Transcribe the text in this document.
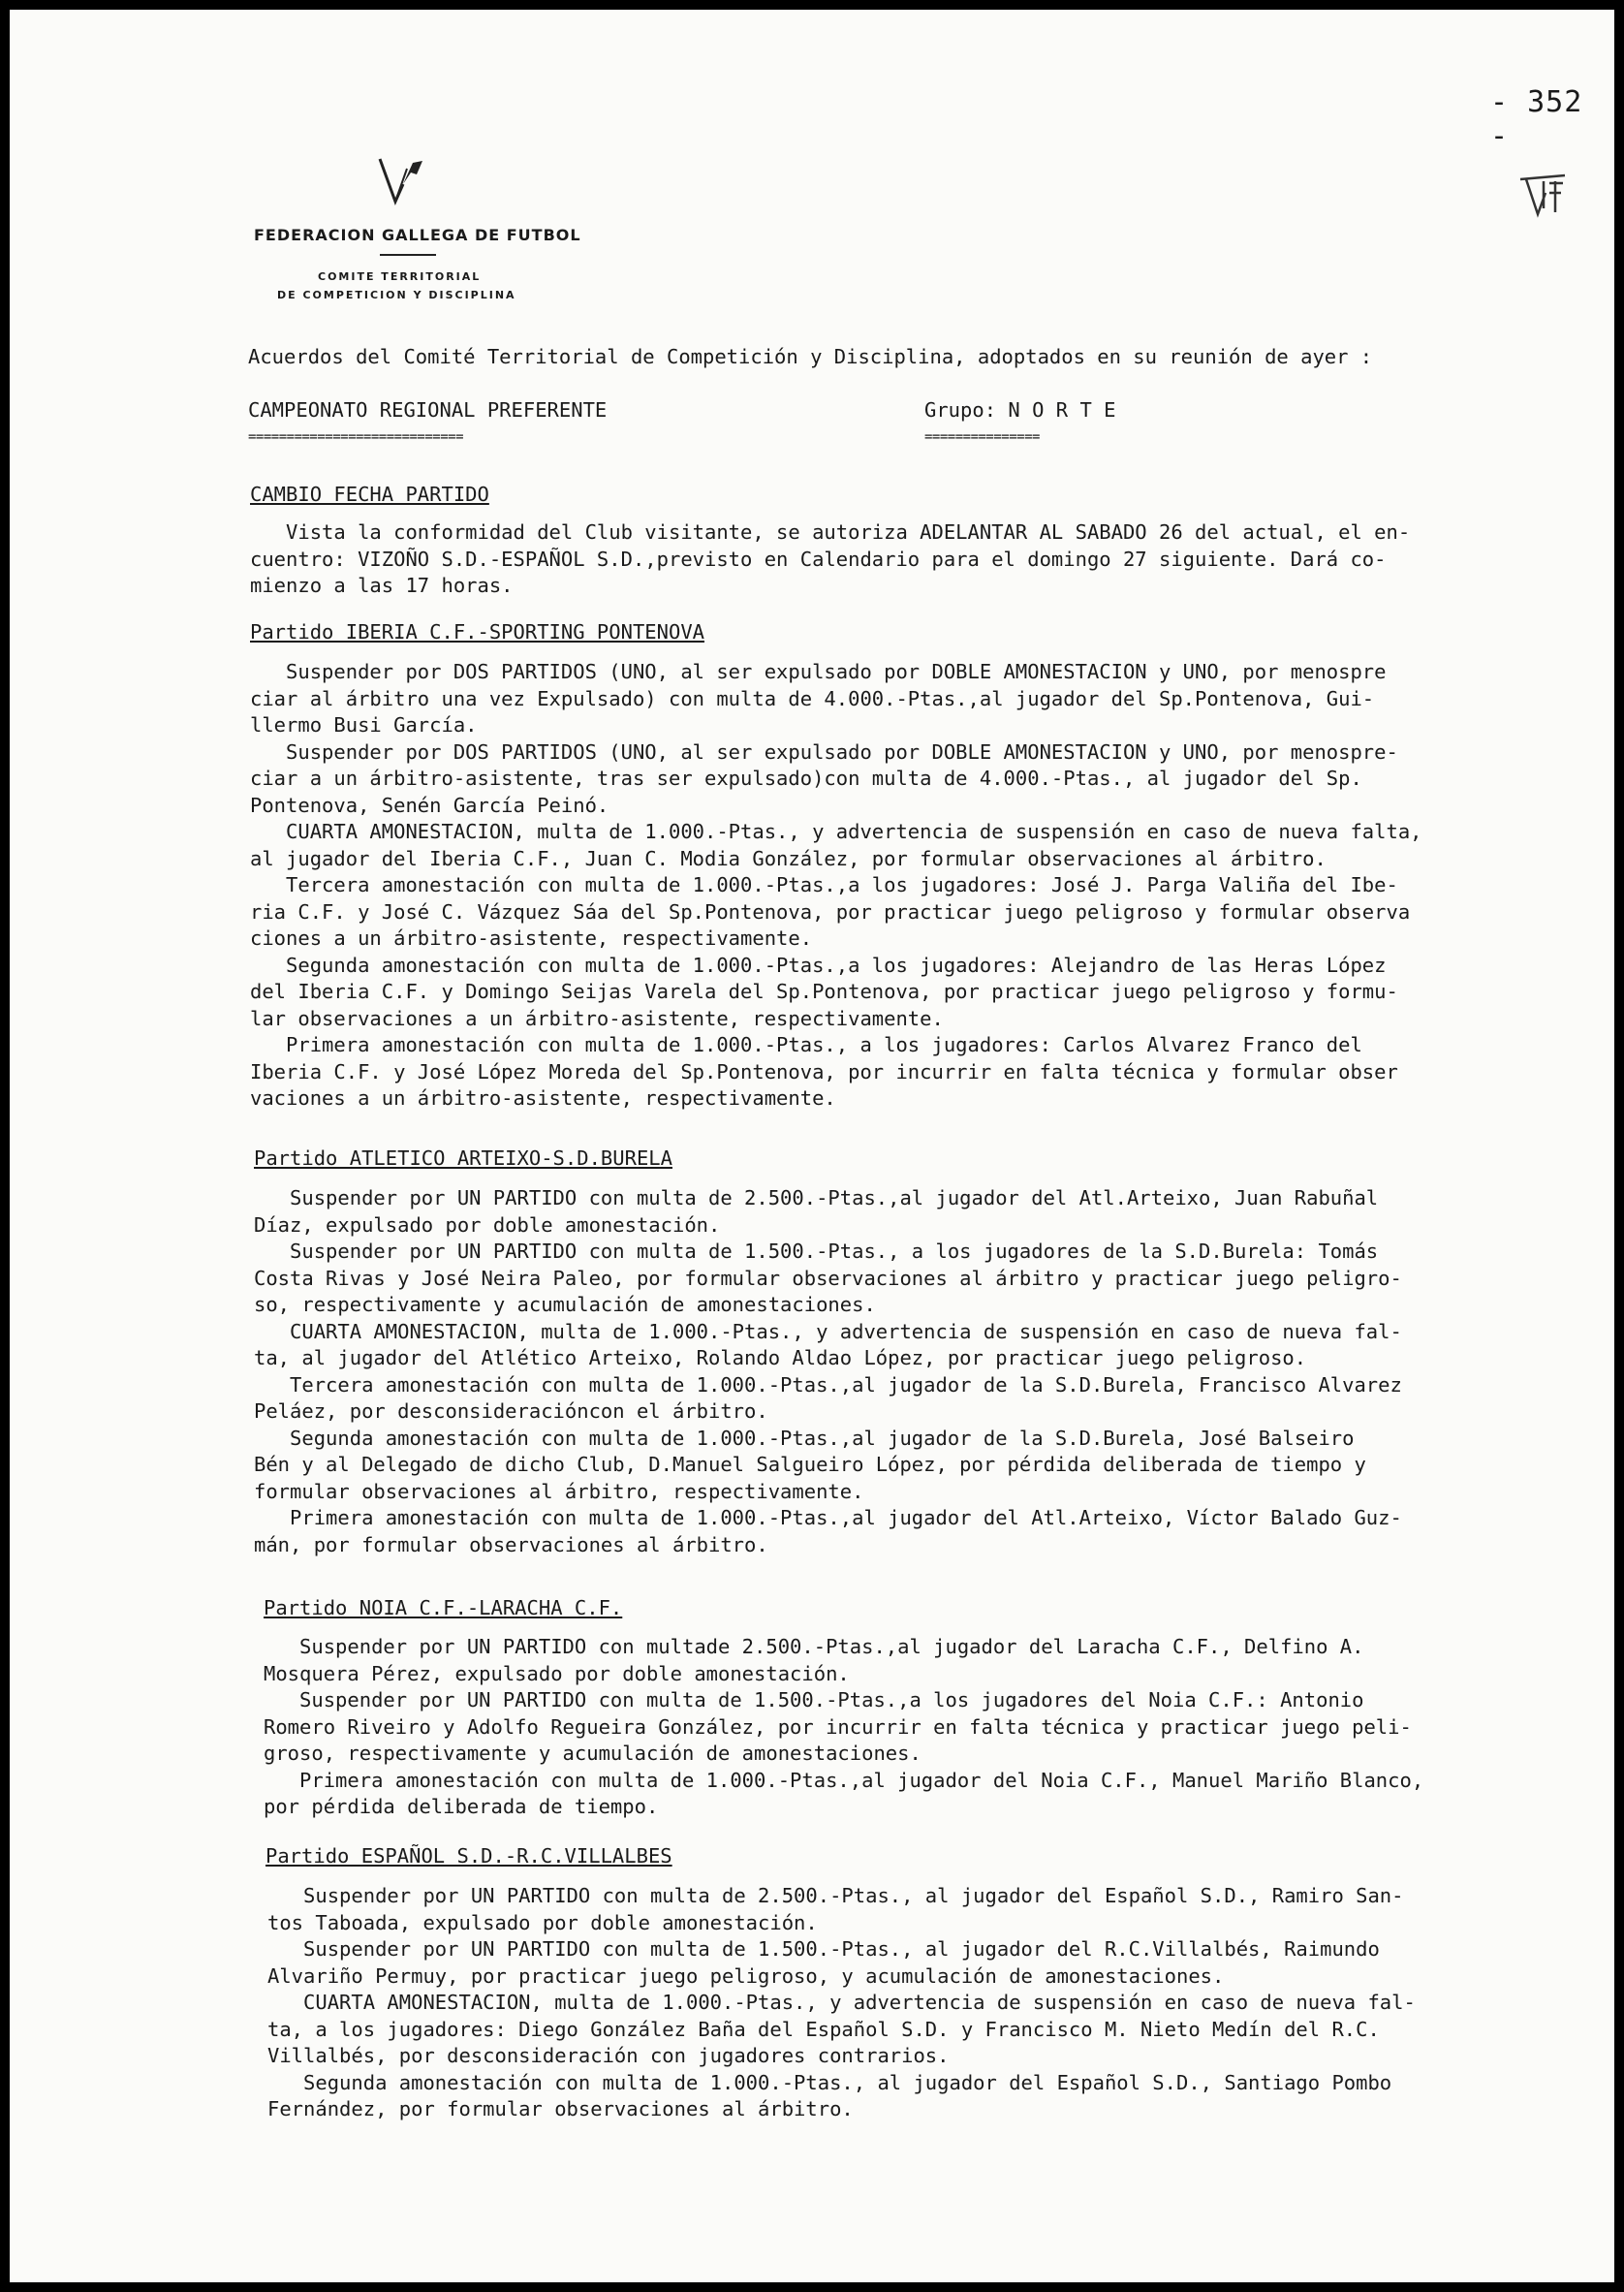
- 352 -
FEDERACION GALLEGA DE FUTBOL
COMITE TERRITORIAL
DE COMPETICION Y DISCIPLINA
Acuerdos del Comité Territorial de Competición y Disciplina, adoptados en su reunión de ayer :
CAMPEONATO REGIONAL PREFERENTE
============================
Grupo: N O R T E
===============
CAMBIO FECHA PARTIDO
Vista la conformidad del Club visitante, se autoriza ADELANTAR AL SABADO 26 del actual, el en-
cuentro: VIZOÑO S.D.-ESPAÑOL S.D.,previsto en Calendario para el domingo 27 siguiente. Dará co-
mienzo a las 17 horas.
Partido IBERIA C.F.-SPORTING PONTENOVA
Suspender por DOS PARTIDOS (UNO, al ser expulsado por DOBLE AMONESTACION y UNO, por menospre
ciar al árbitro una vez Expulsado) con multa de 4.000.-Ptas.,al jugador del Sp.Pontenova, Gui-
llermo Busi García.
Suspender por DOS PARTIDOS (UNO, al ser expulsado por DOBLE AMONESTACION y UNO, por menospre-
ciar a un árbitro-asistente, tras ser expulsado)con multa de 4.000.-Ptas., al jugador del Sp.
Pontenova, Senén García Peinó.
CUARTA AMONESTACION, multa de 1.000.-Ptas., y advertencia de suspensión en caso de nueva falta,
al jugador del Iberia C.F., Juan C. Modia González, por formular observaciones al árbitro.
Tercera amonestación con multa de 1.000.-Ptas.,a los jugadores: José J. Parga Valiña del Ibe-
ria C.F. y José C. Vázquez Sáa del Sp.Pontenova, por practicar juego peligroso y formular observa
ciones a un árbitro-asistente, respectivamente.
Segunda amonestación con multa de 1.000.-Ptas.,a los jugadores: Alejandro de las Heras López
del Iberia C.F. y Domingo Seijas Varela del Sp.Pontenova, por practicar juego peligroso y formu-
lar observaciones a un árbitro-asistente, respectivamente.
Primera amonestación con multa de 1.000.-Ptas., a los jugadores: Carlos Alvarez Franco del
Iberia C.F. y José López Moreda del Sp.Pontenova, por incurrir en falta técnica y formular obser
vaciones a un árbitro-asistente, respectivamente.
Partido ATLETICO ARTEIXO-S.D.BURELA
Suspender por UN PARTIDO con multa de 2.500.-Ptas.,al jugador del Atl.Arteixo, Juan Rabuñal
Díaz, expulsado por doble amonestación.
Suspender por UN PARTIDO con multa de 1.500.-Ptas., a los jugadores de la S.D.Burela: Tomás
Costa Rivas y José Neira Paleo, por formular observaciones al árbitro y practicar juego peligro-
so, respectivamente y acumulación de amonestaciones.
CUARTA AMONESTACION, multa de 1.000.-Ptas., y advertencia de suspensión en caso de nueva fal-
ta, al jugador del Atlético Arteixo, Rolando Aldao López, por practicar juego peligroso.
Tercera amonestación con multa de 1.000.-Ptas.,al jugador de la S.D.Burela, Francisco Alvarez
Peláez, por desconsideracióncon el árbitro.
Segunda amonestación con multa de 1.000.-Ptas.,al jugador de la S.D.Burela, José Balseiro
Bén y al Delegado de dicho Club, D.Manuel Salgueiro López, por pérdida deliberada de tiempo y
formular observaciones al árbitro, respectivamente.
Primera amonestación con multa de 1.000.-Ptas.,al jugador del Atl.Arteixo, Víctor Balado Guz-
mán, por formular observaciones al árbitro.
Partido NOIA C.F.-LARACHA C.F.
Suspender por UN PARTIDO con multade 2.500.-Ptas.,al jugador del Laracha C.F., Delfino A.
Mosquera Pérez, expulsado por doble amonestación.
Suspender por UN PARTIDO con multa de 1.500.-Ptas.,a los jugadores del Noia C.F.: Antonio
Romero Riveiro y Adolfo Regueira González, por incurrir en falta técnica y practicar juego peli-
groso, respectivamente y acumulación de amonestaciones.
Primera amonestación con multa de 1.000.-Ptas.,al jugador del Noia C.F., Manuel Mariño Blanco,
por pérdida deliberada de tiempo.
Partido ESPAÑOL S.D.-R.C.VILLALBES
Suspender por UN PARTIDO con multa de 2.500.-Ptas., al jugador del Español S.D., Ramiro San-
tos Taboada, expulsado por doble amonestación.
Suspender por UN PARTIDO con multa de 1.500.-Ptas., al jugador del R.C.Villalbés, Raimundo
Alvariño Permuy, por practicar juego peligroso, y acumulación de amonestaciones.
CUARTA AMONESTACION, multa de 1.000.-Ptas., y advertencia de suspensión en caso de nueva fal-
ta, a los jugadores: Diego González Baña del Español S.D. y Francisco M. Nieto Medín del R.C.
Villalbés, por desconsideración con jugadores contrarios.
Segunda amonestación con multa de 1.000.-Ptas., al jugador del Español S.D., Santiago Pombo
Fernández, por formular observaciones al árbitro.
